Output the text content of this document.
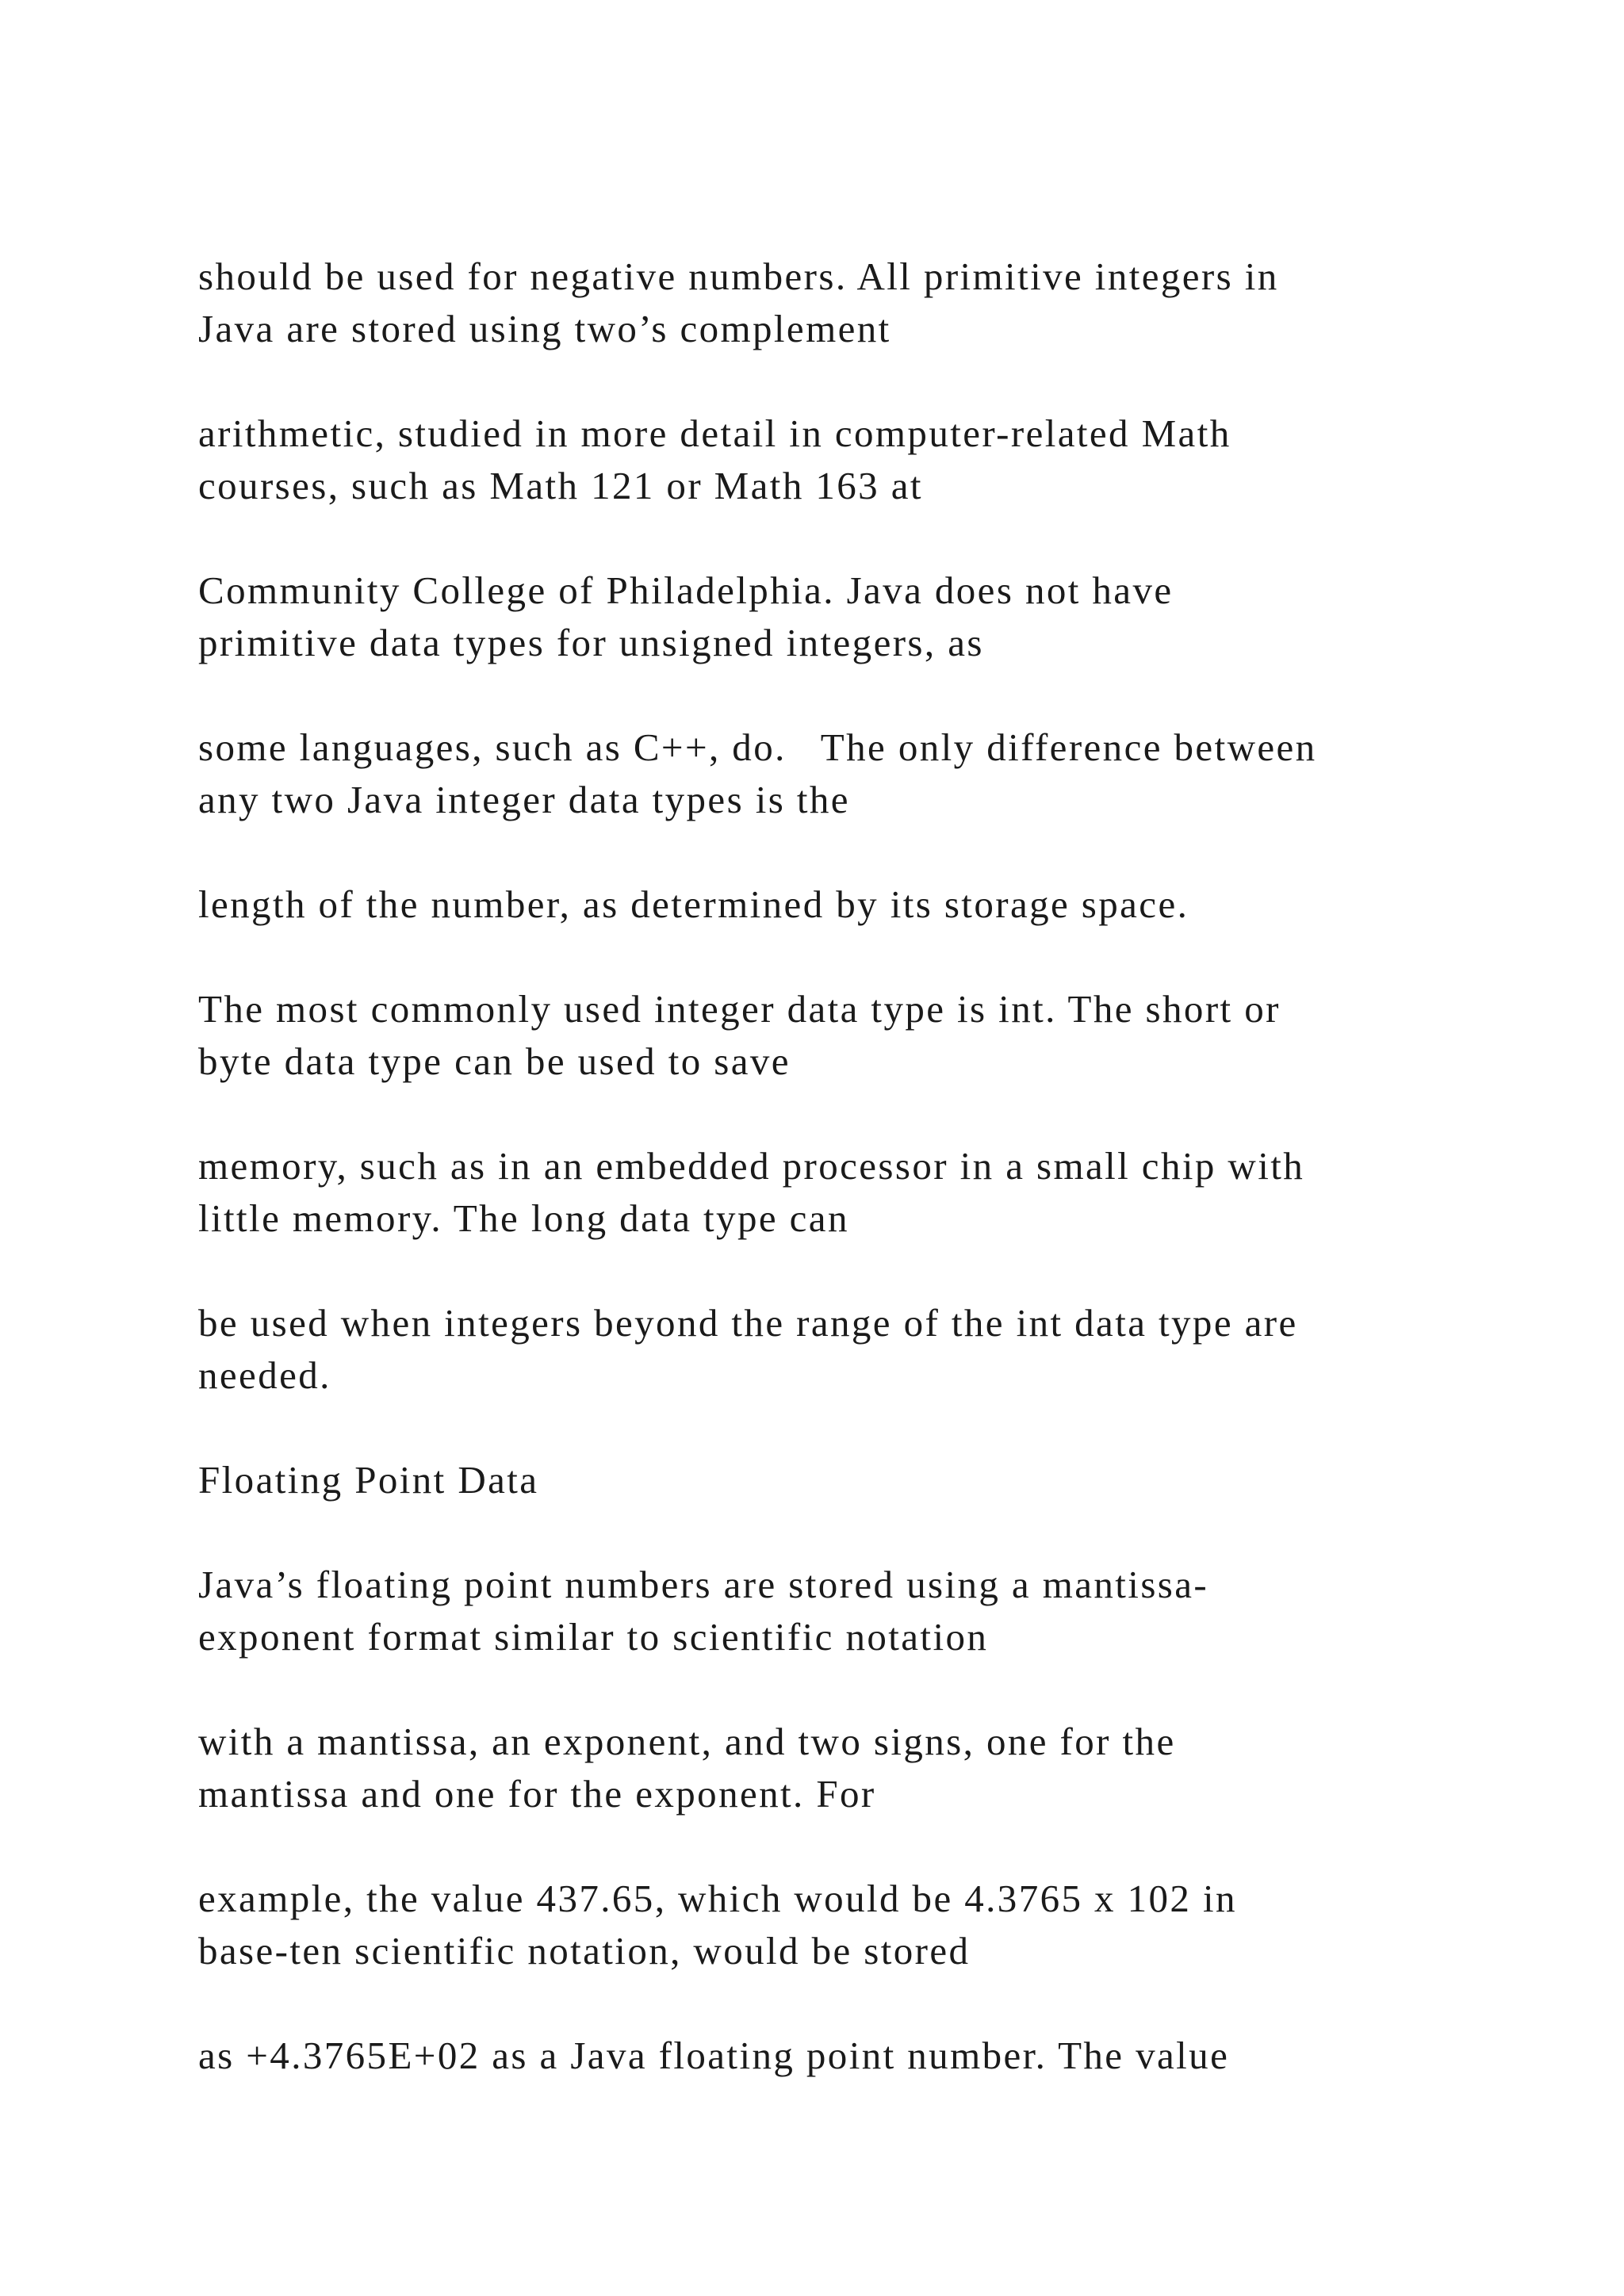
should be used for negative numbers. All primitive integers in
Java are stored using two’s complement

arithmetic, studied in more detail in computer-related Math
courses, such as Math 121 or Math 163 at

Community College of Philadelphia. Java does not have
primitive data types for unsigned integers, as

some languages, such as C++, do.   The only difference between
any two Java integer data types is the

length of the number, as determined by its storage space.

The most commonly used integer data type is int. The short or
byte data type can be used to save

memory, such as in an embedded processor in a small chip with
little memory. The long data type can

be used when integers beyond the range of the int data type are
needed.

Floating Point Data

Java’s floating point numbers are stored using a mantissa-
exponent format similar to scientific notation

with a mantissa, an exponent, and two signs, one for the
mantissa and one for the exponent. For

example, the value 437.65, which would be 4.3765 x 102 in
base-ten scientific notation, would be stored

as +4.3765E+02 as a Java floating point number. The value
